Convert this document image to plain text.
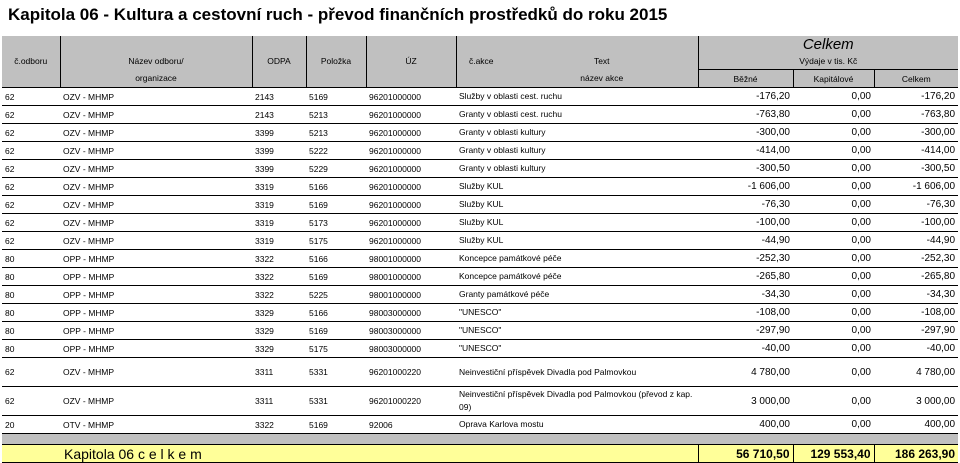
Kapitola 06 - Kultura a cestovní ruch - převod finančních prostředků do roku 2015
							Celkem		
č.odboru	Název odboru/	ODPA	Položka	ÚZ	č.akce	Text	Výdaje v tis. Kč		
	organizace					název akce	Běžné	Kapitálové	Celkem
62	OZV - MHMP	2143	5169	96201000000	Služby v oblasti cest. ruchu		-176,20	0,00	-176,20
62	OZV - MHMP	2143	5213	96201000000	Granty v oblasti cest. ruchu		-763,80	0,00	-763,80
62	OZV - MHMP	3399	5213	96201000000	Granty v oblasti kultury		-300,00	0,00	-300,00
62	OZV - MHMP	3399	5222	96201000000	Granty v oblasti kultury		-414,00	0,00	-414,00
62	OZV - MHMP	3399	5229	96201000000	Granty v oblasti kultury		-300,50	0,00	-300,50
62	OZV - MHMP	3319	5166	96201000000	Služby KUL		-1 606,00	0,00	-1 606,00
62	OZV - MHMP	3319	5169	96201000000	Služby KUL		-76,30	0,00	-76,30
62	OZV - MHMP	3319	5173	96201000000	Služby KUL		-100,00	0,00	-100,00
62	OZV - MHMP	3319	5175	96201000000	Služby KUL		-44,90	0,00	-44,90
80	OPP - MHMP	3322	5166	98001000000	Koncepce památkové péče		-252,30	0,00	-252,30
80	OPP - MHMP	3322	5169	98001000000	Koncepce památkové péče		-265,80	0,00	-265,80
80	OPP - MHMP	3322	5225	98001000000	Granty památkové péče		-34,30	0,00	-34,30
80	OPP - MHMP	3329	5166	98003000000	"UNESCO"		-108,00	0,00	-108,00
80	OPP - MHMP	3329	5169	98003000000	"UNESCO"		-297,90	0,00	-297,90
80	OPP - MHMP	3329	5175	98003000000	"UNESCO"		-40,00	0,00	-40,00
62	OZV - MHMP	3311	5331	96201000220	Neinvestiční příspěvek Divadla pod Palmovkou		4 780,00	0,00	4 780,00
62	OZV - MHMP	3311	5331	96201000220	Neinvestiční příspěvek Divadla pod Palmovkou (převod z kap. 09)		3 000,00	0,00	3 000,00
20	OTV - MHMP	3322	5169	92006	Oprava Karlova mostu		400,00	0,00	400,00

Kapitola 06 c e l k e m							56 710,50	129 553,40	186 263,90
